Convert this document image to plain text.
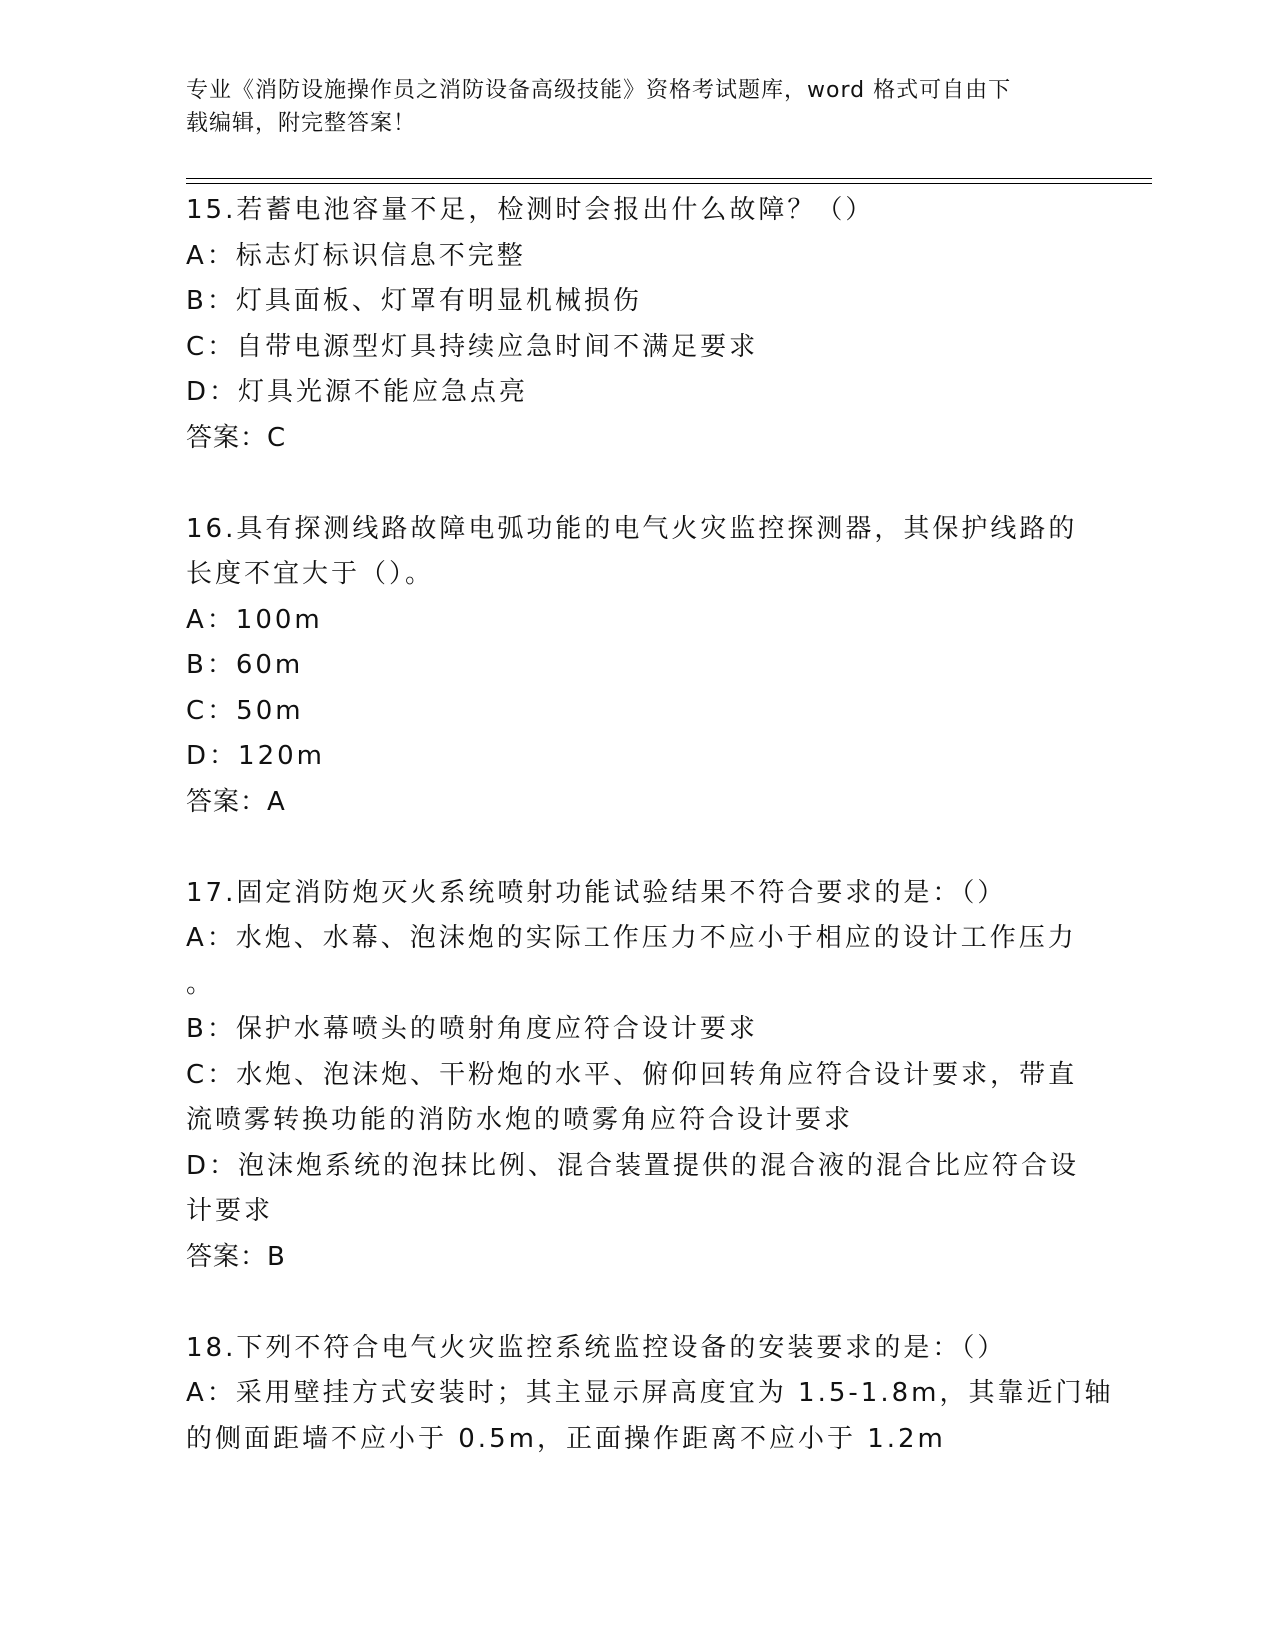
专业《消防设施操作员之消防设备高级技能》资格考试题库，word 格式可自由下
载编辑，附完整答案！
15.若蓄电池容量不足，检测时会报出什么故障？（）
A：标志灯标识信息不完整
B：灯具面板、灯罩有明显机械损伤
C：自带电源型灯具持续应急时间不满足要求
D：灯具光源不能应急点亮
答案：C
16.具有探测线路故障电弧功能的电气火灾监控探测器，其保护线路的
长度不宜大于（）。
A：100m
B：60m
C：50m
D：120m
答案：A
17.固定消防炮灭火系统喷射功能试验结果不符合要求的是：（）
A：水炮、水幕、泡沫炮的实际工作压力不应小于相应的设计工作压力
。
B：保护水幕喷头的喷射角度应符合设计要求
C：水炮、泡沫炮、干粉炮的水平、俯仰回转角应符合设计要求，带直
流喷雾转换功能的消防水炮的喷雾角应符合设计要求
D：泡沫炮系统的泡抹比例、混合装置提供的混合液的混合比应符合设
计要求
答案：B
18.下列不符合电气火灾监控系统监控设备的安装要求的是：（）
A：采用壁挂方式安装时；其主显示屏高度宜为 1.5-1.8m，其靠近门轴
的侧面距墙不应小于 0.5m，正面操作距离不应小于 1.2m
